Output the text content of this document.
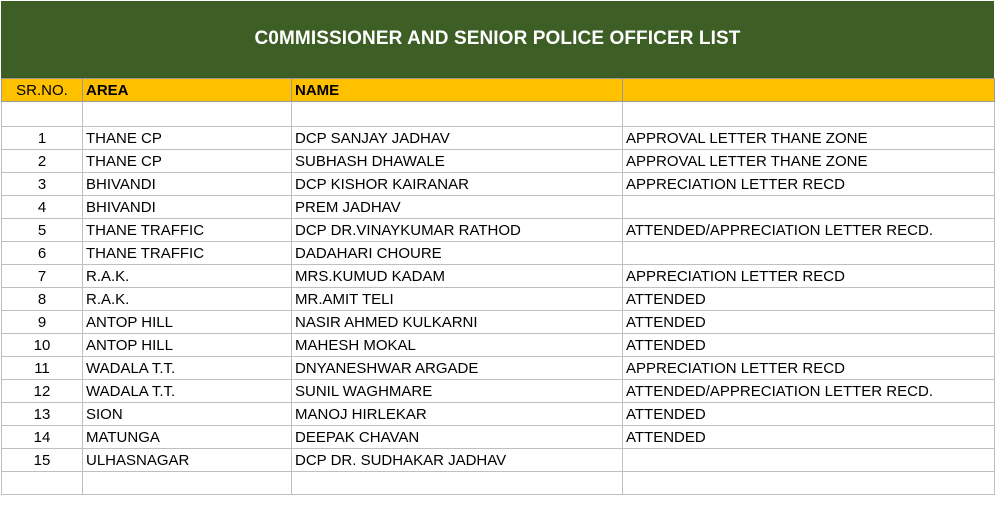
C0MMISSIONER AND SENIOR POLICE OFFICER LIST
SR.NO.	AREA	NAME	

1	THANE CP	DCP SANJAY JADHAV	APPROVAL LETTER THANE ZONE
2	THANE CP	SUBHASH DHAWALE	APPROVAL LETTER THANE ZONE
3	BHIVANDI	DCP KISHOR KAIRANAR	APPRECIATION LETTER RECD
4	BHIVANDI	PREM JADHAV	
5	THANE TRAFFIC	DCP DR.VINAYKUMAR RATHOD	ATTENDED/APPRECIATION LETTER RECD.
6	THANE TRAFFIC	DADAHARI CHOURE	
7	R.A.K.	MRS.KUMUD KADAM	APPRECIATION LETTER RECD
8	R.A.K.	MR.AMIT TELI	ATTENDED
9	ANTOP HILL	NASIR AHMED KULKARNI	ATTENDED
10	ANTOP HILL	MAHESH MOKAL	ATTENDED
11	WADALA T.T.	DNYANESHWAR ARGADE	APPRECIATION LETTER RECD
12	WADALA T.T.	SUNIL WAGHMARE	ATTENDED/APPRECIATION LETTER RECD.
13	SION	MANOJ HIRLEKAR	ATTENDED
14	MATUNGA	DEEPAK CHAVAN	ATTENDED
15	ULHASNAGAR	DCP DR. SUDHAKAR JADHAV	
